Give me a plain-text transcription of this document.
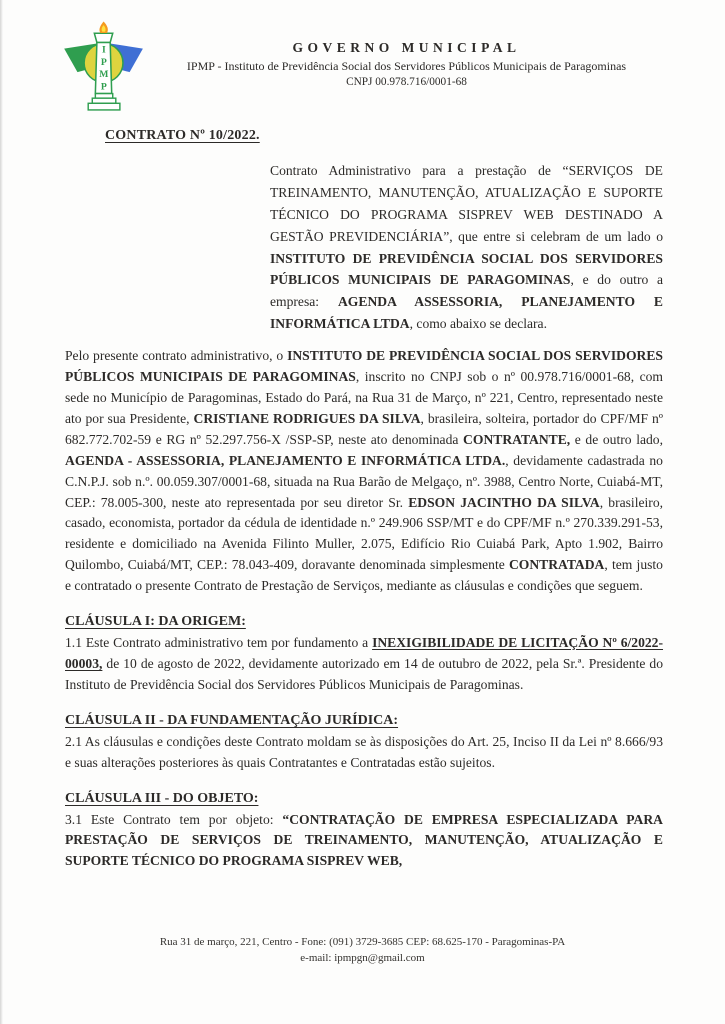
I
P
M
P
GOVERNO MUNICIPAL
IPMP - Instituto de Previdência Social dos Servidores Públicos Municipais de Paragominas
CNPJ 00.978.716/0001-68
CONTRATO Nº 10/2022.

Contrato Administrativo para a prestação de “SERVIÇOS DE TREINAMENTO, MANUTENÇÃO, ATUALIZAÇÃO E SUPORTE TÉCNICO DO PROGRAMA SISPREV WEB DESTINADO A GESTÃO PREVIDENCIÁRIA”, que entre si celebram de um lado o INSTITUTO DE PREVIDÊNCIA SOCIAL DOS SERVIDORES PÚBLICOS MUNICIPAIS DE PARAGOMINAS, e do outro a empresa: AGENDA ASSESSORIA, PLANEJAMENTO E INFORMÁTICA LTDA, como abaixo se declara.

Pelo presente contrato administrativo, o INSTITUTO DE PREVIDÊNCIA SOCIAL DOS SERVIDORES PÚBLICOS MUNICIPAIS DE PARAGOMINAS, inscrito no CNPJ sob o nº 00.978.716/0001-68, com sede no Município de Paragominas, Estado do Pará, na Rua 31 de Março, nº 221, Centro, representado neste ato por sua Presidente, CRISTIANE RODRIGUES DA SILVA, brasileira, solteira, portador do CPF/MF nº 682.772.702-59 e RG nº 52.297.756-X /SSP-SP, neste ato denominada CONTRATANTE, e de outro lado, AGENDA - ASSESSORIA, PLANEJAMENTO E INFORMÁTICA LTDA., devidamente cadastrada no C.N.P.J. sob n.º. 00.059.307/0001-68, situada na Rua Barão de Melgaço, nº. 3988, Centro Norte, Cuiabá-MT, CEP.: 78.005-300, neste ato representada por seu diretor Sr. EDSON JACINTHO DA SILVA, brasileiro, casado, economista, portador da cédula de identidade n.º 249.906 SSP/MT e do CPF/MF n.º 270.339.291-53, residente e domiciliado na Avenida Filinto Muller, 2.075, Edifício Rio Cuiabá Park, Apto 1.902, Bairro Quilombo, Cuiabá/MT, CEP.: 78.043-409, doravante denominada simplesmente CONTRATADA, tem justo e contratado o presente Contrato de Prestação de Serviços, mediante as cláusulas e condições que seguem.

CLÁUSULA I: DA ORIGEM:

1.1 Este Contrato administrativo tem por fundamento a INEXIGIBILIDADE DE LICITAÇÃO Nº 6/2022-00003, de 10 de agosto de 2022, devidamente autorizado em 14 de outubro de 2022, pela Sr.ª. Presidente do Instituto de Previdência Social dos Servidores Públicos Municipais de Paragominas.

CLÁUSULA II - DA FUNDAMENTAÇÃO JURÍDICA:

2.1 As cláusulas e condições deste Contrato moldam se às disposições do Art. 25, Inciso II da Lei nº 8.666/93 e suas alterações posteriores às quais Contratantes e Contratadas estão sujeitos.

CLÁUSULA III - DO OBJETO:

3.1 Este Contrato tem por objeto: “CONTRATAÇÃO DE EMPRESA ESPECIALIZADA PARA PRESTAÇÃO DE SERVIÇOS DE TREINAMENTO, MANUTENÇÃO, ATUALIZAÇÃO E SUPORTE TÉCNICO DO PROGRAMA SISPREV WEB,

Rua 31 de março, 221, Centro - Fone: (091) 3729-3685 CEP: 68.625-170 - Paragominas-PA
e-mail: ipmpgn@gmail.com
